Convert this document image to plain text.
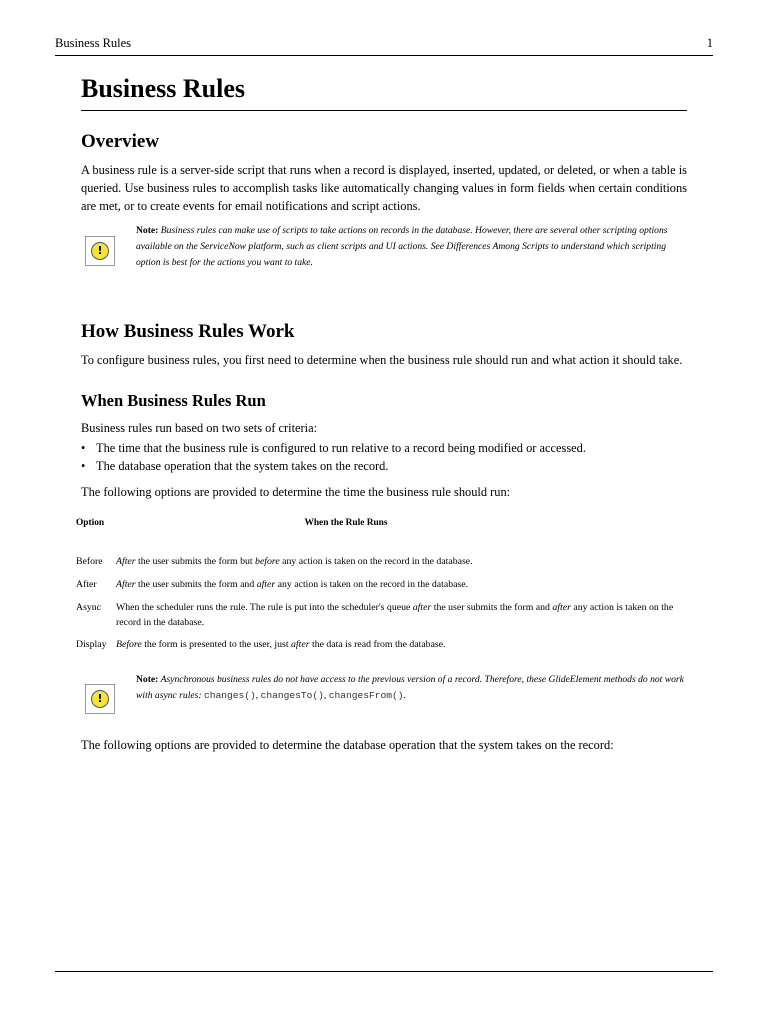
Business Rules	1
Business Rules
Overview

A business rule is a server-side script that runs when a record is displayed, inserted, updated, or deleted, or when a table is queried. Use business rules to accomplish tasks like automatically changing values in form fields when certain conditions are met, or to create events for email notifications and script actions.

!
Note: Business rules can make use of scripts to take actions on records in the database. However, there are several other scripting options available on the ServiceNow platform, such as client scripts and UI actions. See Differences Among Scripts to understand which scripting option is best for the actions you want to take.
How Business Rules Work

To configure business rules, you first need to determine when the business rule should run and what action it should take.

When Business Rules Run

Business rules run based on two sets of criteria:

• The time that the business rule is configured to run relative to a record being modified or accessed.
• The database operation that the system takes on the record.

The following options are provided to determine the time the business rule should run:

Option	When the Rule Runs

Before	After the user submits the form but before any action is taken on the record in the database.
After	After the user submits the form and after any action is taken on the record in the database.
Async	When the scheduler runs the rule. The rule is put into the scheduler's queue after the user submits the form and after any action is taken on the record in the database.
Display	Before the form is presented to the user, just after the data is read from the database.
!
Note: Asynchronous business rules do not have access to the previous version of a record. Therefore, these GlideElement methods do not work with async rules: changes(), changesTo(), changesFrom().

The following options are provided to determine the database operation that the system takes on the record:
